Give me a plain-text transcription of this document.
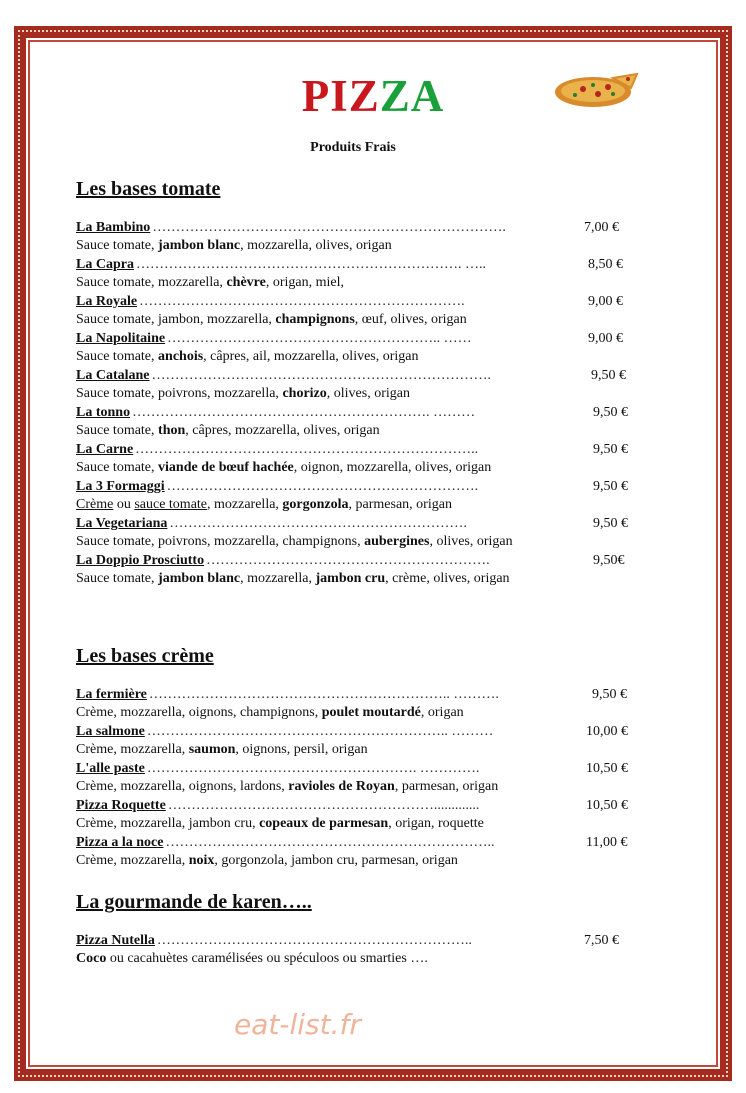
PIZZA
Produits Frais
Les bases tomate
La Bambino ………………………………………………………………….	7,00 €
Sauce tomate, jambon blanc, mozzarella, olives, origan
La Capra ……………………………………………………………. …..	8,50 €
Sauce tomate, mozzarella, chèvre, origan, miel,
La Royale …………………………………………………………….	9,00 €
Sauce tomate, jambon, mozzarella, champignons, œuf, olives, origan
La Napolitaine ………………………………………………….. ……	9,00 €
Sauce tomate, anchois, câpres, ail, mozzarella, olives, origan
La Catalane ……………………………………………………………….	9,50 €
Sauce tomate, poivrons, mozzarella, chorizo, olives, origan
La tonno ………………………………………………………. ………	9,50 €
Sauce tomate, thon, câpres, mozzarella, olives, origan
La Carne ………………………………………………………………..	9,50 €
Sauce tomate, viande de bœuf hachée, oignon, mozzarella, olives, origan
La 3 Formaggi ………………………………………………………….	9,50 €
Crème ou sauce tomate, mozzarella, gorgonzola, parmesan, origan
La Vegetariana ……………………………………………………….	9,50 €
Sauce tomate, poivrons, mozzarella, champignons, aubergines, olives, origan
La Doppio Prosciutto …………………………………………………….	9,50€
Sauce tomate, jambon blanc, mozzarella, jambon cru, crème, olives, origan
Les bases crème
La fermière ……………………………………………………….. ……….	9,50 €
Crème, mozzarella, oignons, champignons, poulet moutardé, origan
La salmone ……………………………………………………….. ………	10,00 €
Crème, mozzarella, saumon, oignons, persil, origan
L'alle paste …………………………………………………. ………….	10,50 €
Crème, mozzarella, oignons, lardons, ravioles de Royan, parmesan, origan
Pizza Roquette ………………………………………………….............	10,50 €
Crème, mozzarella, jambon cru, copeaux de parmesan, origan, roquette
Pizza a la noce ……………………………………………………………..	11,00 €
Crème, mozzarella, noix, gorgonzola, jambon cru, parmesan, origan
La gourmande de karen…..
Pizza Nutella …………………………………………………………..	7,50 €
Coco ou cacahuètes caramélisées ou spéculoos ou smarties ….
eat-list.fr
